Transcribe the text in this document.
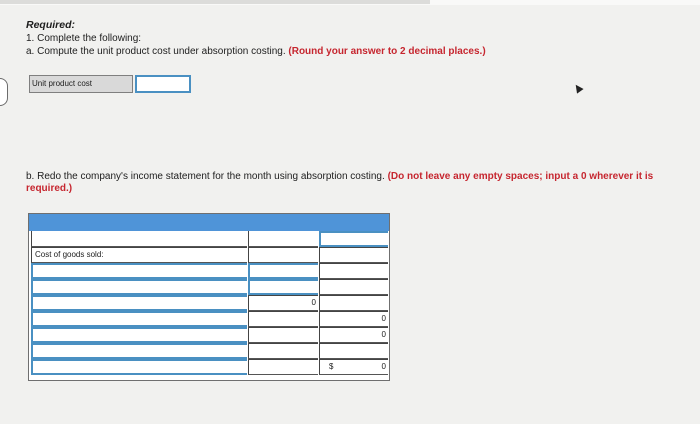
Required:
1. Complete the following:
a. Compute the unit product cost under absorption costing. (Round your answer to 2 decimal places.)
Unit product cost
b. Redo the company's income statement for the month using absorption costing. (Do not leave any empty spaces; input a 0 wherever it is required.)
Cost of goods sold:
0
0
0
$	0
